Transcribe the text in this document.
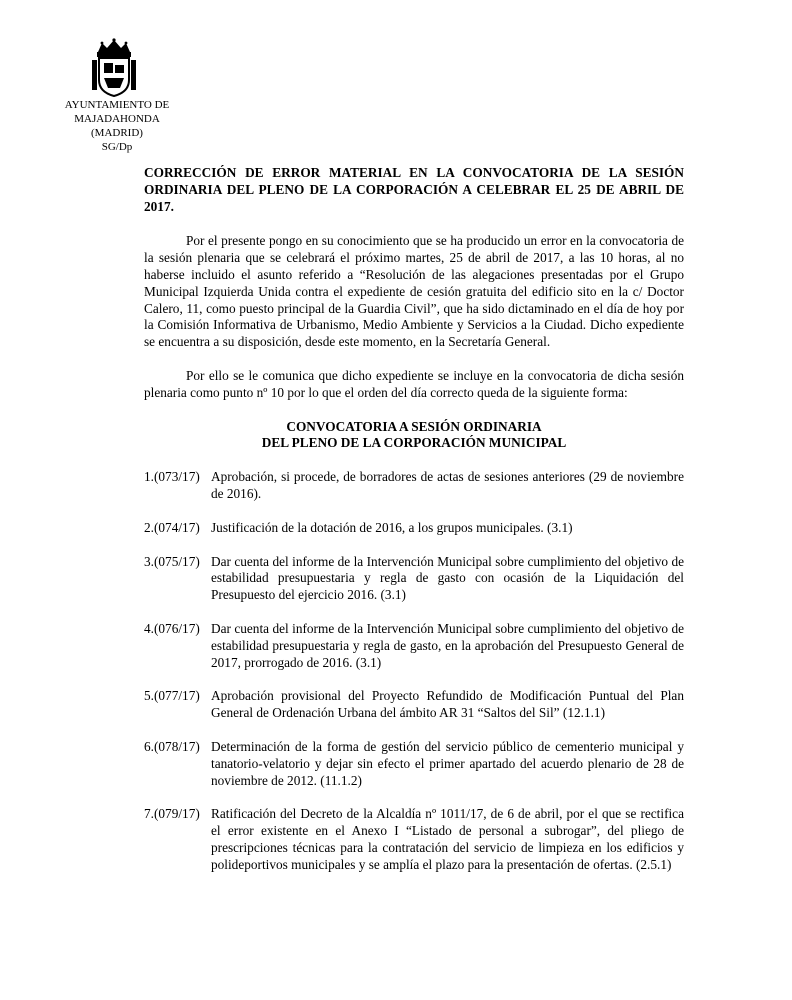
AYUNTAMIENTO DE
MAJADAHONDA
(MADRID)
SG/Dp
CORRECCIÓN DE ERROR MATERIAL EN LA CONVOCATORIA DE LA SESIÓN ORDINARIA DEL PLENO DE LA CORPORACIÓN A CELEBRAR EL 25 DE ABRIL DE 2017.
Por el presente pongo en su conocimiento que se ha producido un error en la convocatoria de la sesión plenaria que se celebrará el próximo martes, 25 de abril de 2017, a las 10 horas, al no haberse incluido el asunto referido a “Resolución de las alegaciones presentadas por el Grupo Municipal Izquierda Unida contra el expediente de cesión gratuita del edificio sito en la c/ Doctor Calero, 11, como puesto principal de la Guardia Civil”, que ha sido dictaminado en el día de hoy por la Comisión Informativa de Urbanismo, Medio Ambiente y Servicios a la Ciudad. Dicho expediente se encuentra a su disposición, desde este momento, en la Secretaría General.
Por ello se le comunica que dicho expediente se incluye en la convocatoria de dicha sesión plenaria como punto nº 10 por lo que el orden del día correcto queda de la siguiente forma:
CONVOCATORIA A SESIÓN ORDINARIA
DEL PLENO DE LA CORPORACIÓN MUNICIPAL
1.(073/17) Aprobación, si procede, de borradores de actas de sesiones anteriores (29 de noviembre de 2016).
2.(074/17) Justificación de la dotación de 2016, a los grupos municipales. (3.1)
3.(075/17) Dar cuenta del informe de la Intervención Municipal sobre cumplimiento del objetivo de estabilidad presupuestaria y regla de gasto con ocasión de la Liquidación del Presupuesto del ejercicio 2016. (3.1)
4.(076/17) Dar cuenta del informe de la Intervención Municipal sobre cumplimiento del objetivo de estabilidad presupuestaria y regla de gasto, en la aprobación del Presupuesto General de 2017, prorrogado de 2016. (3.1)
5.(077/17) Aprobación provisional del Proyecto Refundido de Modificación Puntual del Plan General de Ordenación Urbana del ámbito AR 31 “Saltos del Sil” (12.1.1)
6.(078/17) Determinación de la forma de gestión del servicio público de cementerio municipal y tanatorio-velatorio y dejar sin efecto el primer apartado del acuerdo plenario de 28 de noviembre de 2012. (11.1.2)
7.(079/17) Ratificación del Decreto de la Alcaldía nº 1011/17, de 6 de abril, por el que se rectifica el error existente en el Anexo I “Listado de personal a subrogar”, del pliego de prescripciones técnicas para la contratación del servicio de limpieza en los edificios y polideportivos municipales y se amplía el plazo para la presentación de ofertas. (2.5.1)
